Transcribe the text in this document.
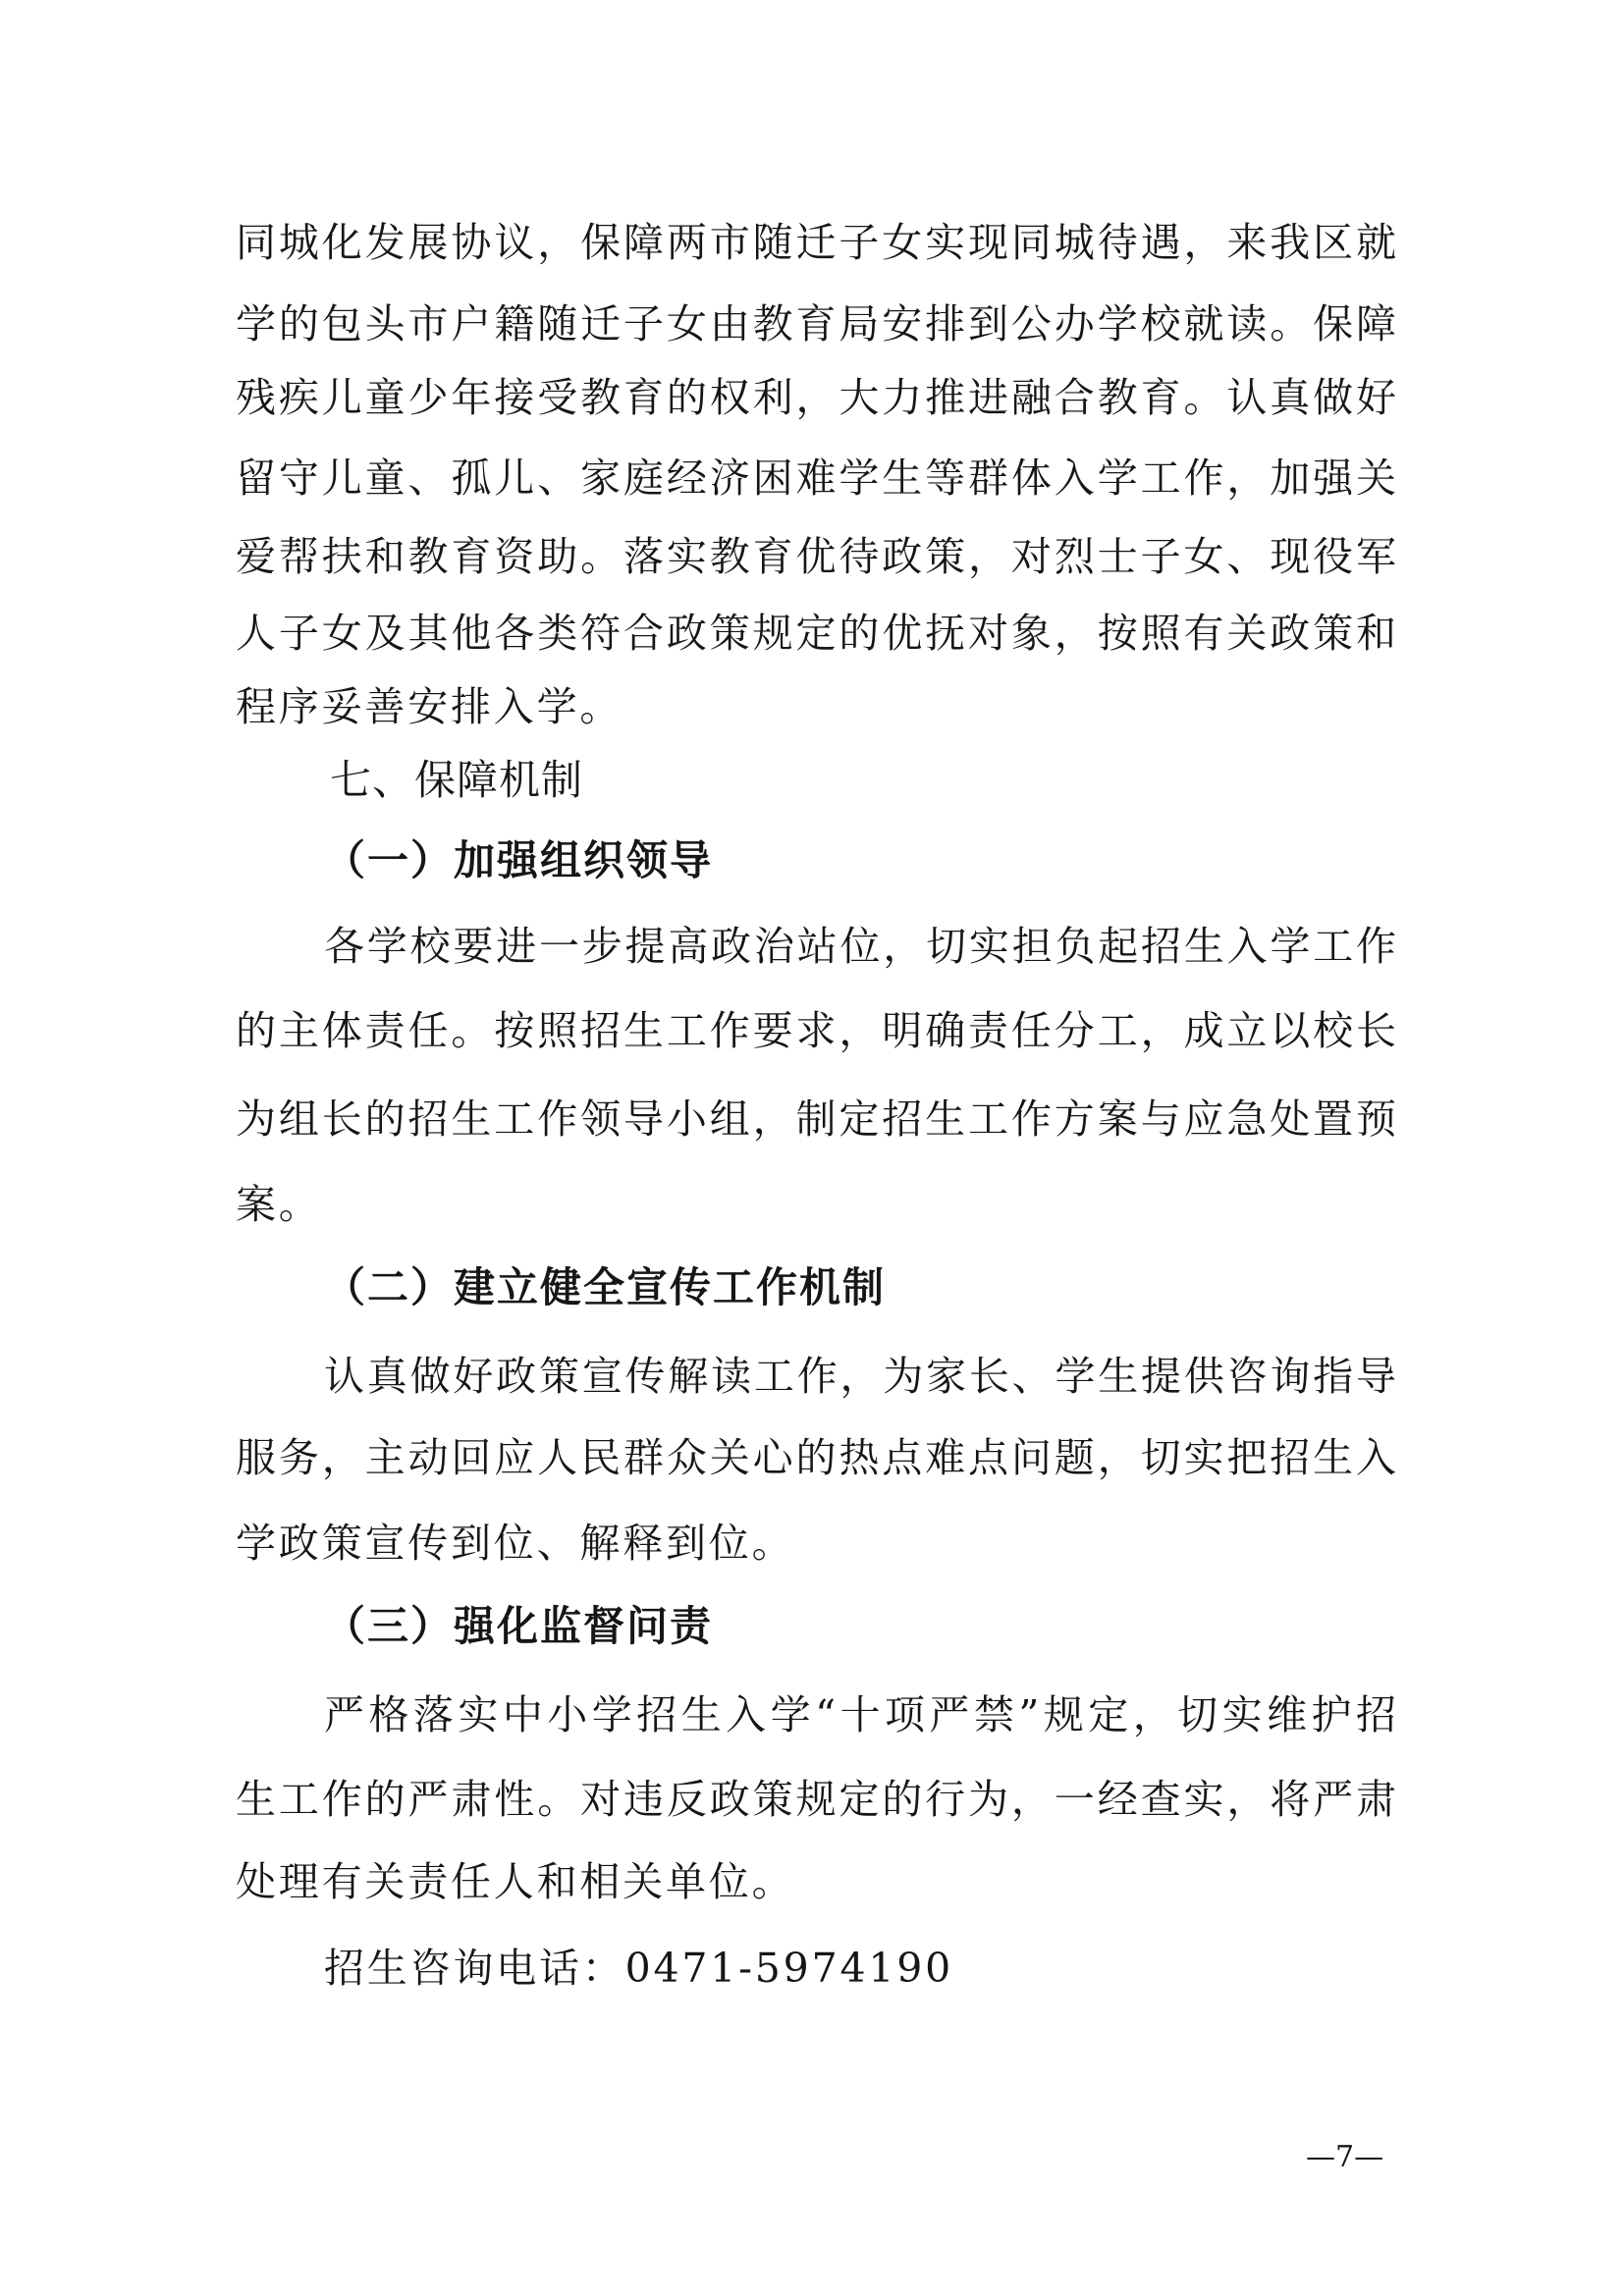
同城化发展协议，保障两市随迁子女实现同城待遇，来我区就
学的包头市户籍随迁子女由教育局安排到公办学校就读。保障
残疾儿童少年接受教育的权利，大力推进融合教育。认真做好
留守儿童、孤儿、家庭经济困难学生等群体入学工作，加强关
爱帮扶和教育资助。落实教育优待政策，对烈士子女、现役军
人子女及其他各类符合政策规定的优抚对象，按照有关政策和
程序妥善安排入学。
七、保障机制
（一）加强组织领导
各学校要进一步提高政治站位，切实担负起招生入学工作
的主体责任。按照招生工作要求，明确责任分工，成立以校长
为组长的招生工作领导小组，制定招生工作方案与应急处置预
案。
（二）建立健全宣传工作机制
认真做好政策宣传解读工作，为家长、学生提供咨询指导
服务，主动回应人民群众关心的热点难点问题，切实把招生入
学政策宣传到位、解释到位。
（三）强化监督问责
严格落实中小学招生入学“十项严禁”规定，切实维护招
生工作的严肃性。对违反政策规定的行为，一经查实，将严肃
处理有关责任人和相关单位。
招生咨询电话：0471-5974190
—7—
